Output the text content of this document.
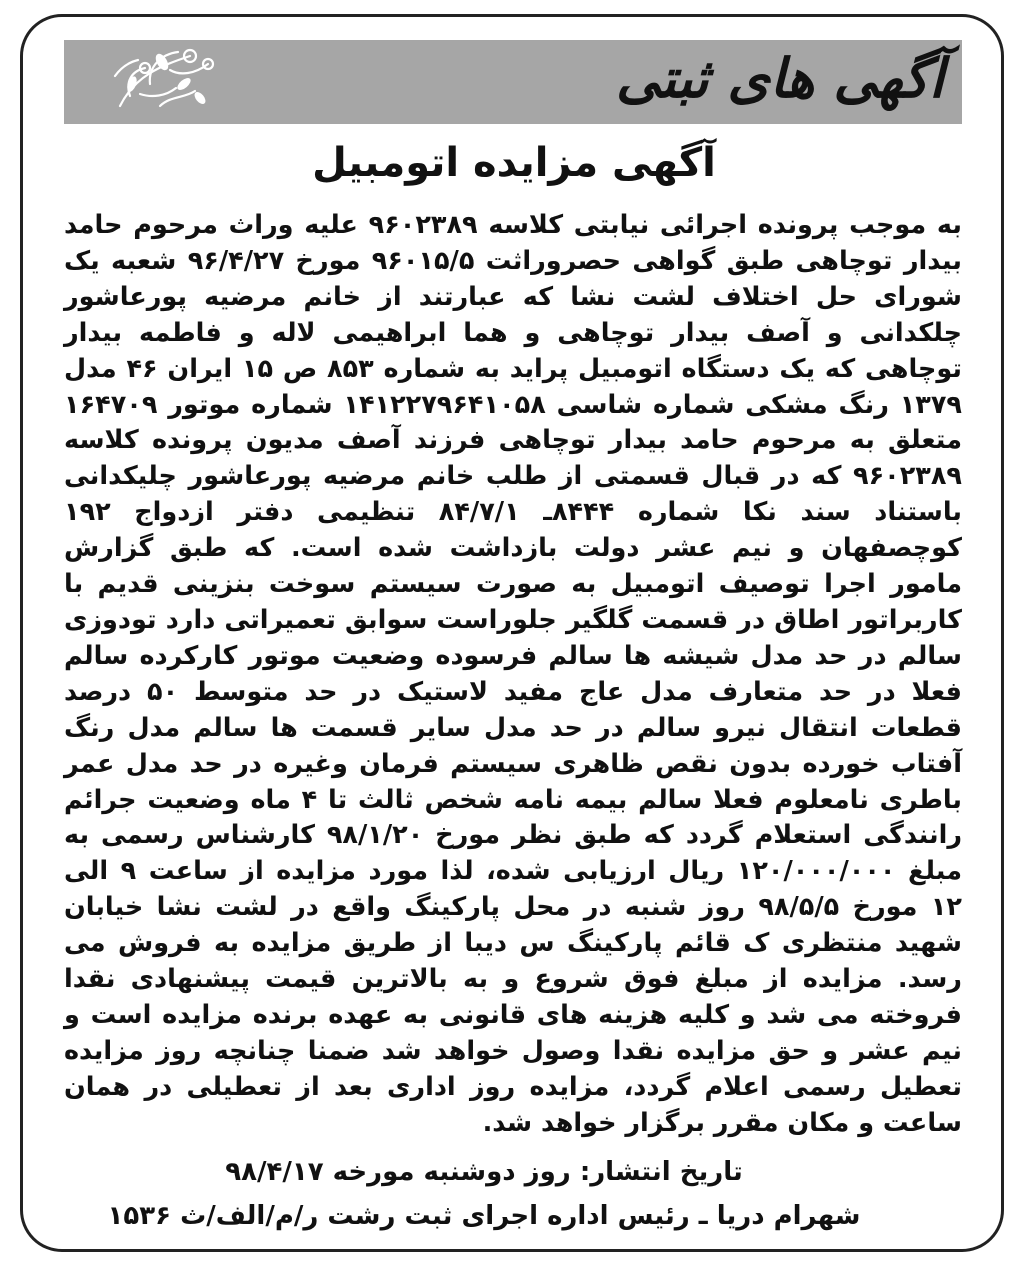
آگهی های ثبتی
آگهی مزایده اتومبیل

به موجب پرونده اجرائی نیابتی کلاسه ۹۶۰۲۳۸۹ علیه وراث مرحوم حامد بیدار توچاهی طبق گواهی حصروراثت ۹۶۰۱۵/۵ مورخ ۹۶/۴/۲۷ شعبه یک شورای حل اختلاف لشت نشا که عبارتند از خانم مرضیه پورعاشور چلکدانی و آصف بیدار توچاهی و هما ابراهیمی لاله و فاطمه بیدار توچاهی که یک دستگاه اتومبیل پراید به شماره ۸۵۳ ص ۱۵ ایران ۴۶ مدل ۱۳۷۹ رنگ مشکی شماره شاسی ۱۴۱۲۲۷۹۶۴۱۰۵۸ شماره موتور ۱۶۴۷۰۹ متعلق به مرحوم حامد بیدار توچاهی فرزند آصف مدیون پرونده کلاسه ۹۶۰۲۳۸۹ که در قبال قسمتی از طلب خانم مرضیه پورعاشور چلیکدانی باستناد سند نکا شماره ۸۴۴۴ـ ۸۴/۷/۱ تنظیمی دفتر ازدواج ۱۹۲ کوچصفهان و نیم عشر دولت بازداشت شده است. که طبق گزارش مامور اجرا توصیف اتومبیل به صورت سیستم سوخت بنزینی قدیم با کاربراتور اطاق در قسمت گلگیر جلوراست سوابق تعمیراتی دارد تودوزی سالم در حد مدل شیشه ها سالم فرسوده وضعیت موتور کارکرده سالم فعلا در حد متعارف مدل عاج مفید لاستیک در حد متوسط ۵۰ درصد قطعات انتقال نیرو سالم در حد مدل سایر قسمت ها سالم مدل رنگ آفتاب خورده بدون نقص ظاهری سیستم فرمان وغیره در حد مدل عمر باطری نامعلوم فعلا سالم بیمه نامه شخص ثالث تا ۴ ماه وضعیت جرائم رانندگی استعلام گردد که طبق نظر مورخ ۹۸/۱/۲۰ کارشناس رسمی به مبلغ ۱۲۰/۰۰۰/۰۰۰ ریال ارزیابی شده، لذا مورد مزایده از ساعت ۹ الی ۱۲ مورخ ۹۸/۵/۵ روز شنبه در محل پارکینگ واقع در لشت نشا خیابان شهید منتظری ک قائم پارکینگ س دیبا از طریق مزایده به فروش می رسد. مزایده از مبلغ فوق شروع و به بالاترین قیمت پیشنهادی نقدا فروخته می شد و کلیه هزینه های قانونی به عهده برنده مزایده است و نیم عشر و حق مزایده نقدا وصول خواهد شد ضمنا چنانچه روز مزایده تعطیل رسمی اعلام گردد، مزایده روز اداری بعد از تعطیلی در همان ساعت و مکان مقرر برگزار خواهد شد.

تاریخ انتشار: روز دوشنبه مورخه ۹۸/۴/۱۷

شهرام دریا ـ رئیس اداره اجرای ثبت رشت ر/م/الف/ث ۱۵۳۶
